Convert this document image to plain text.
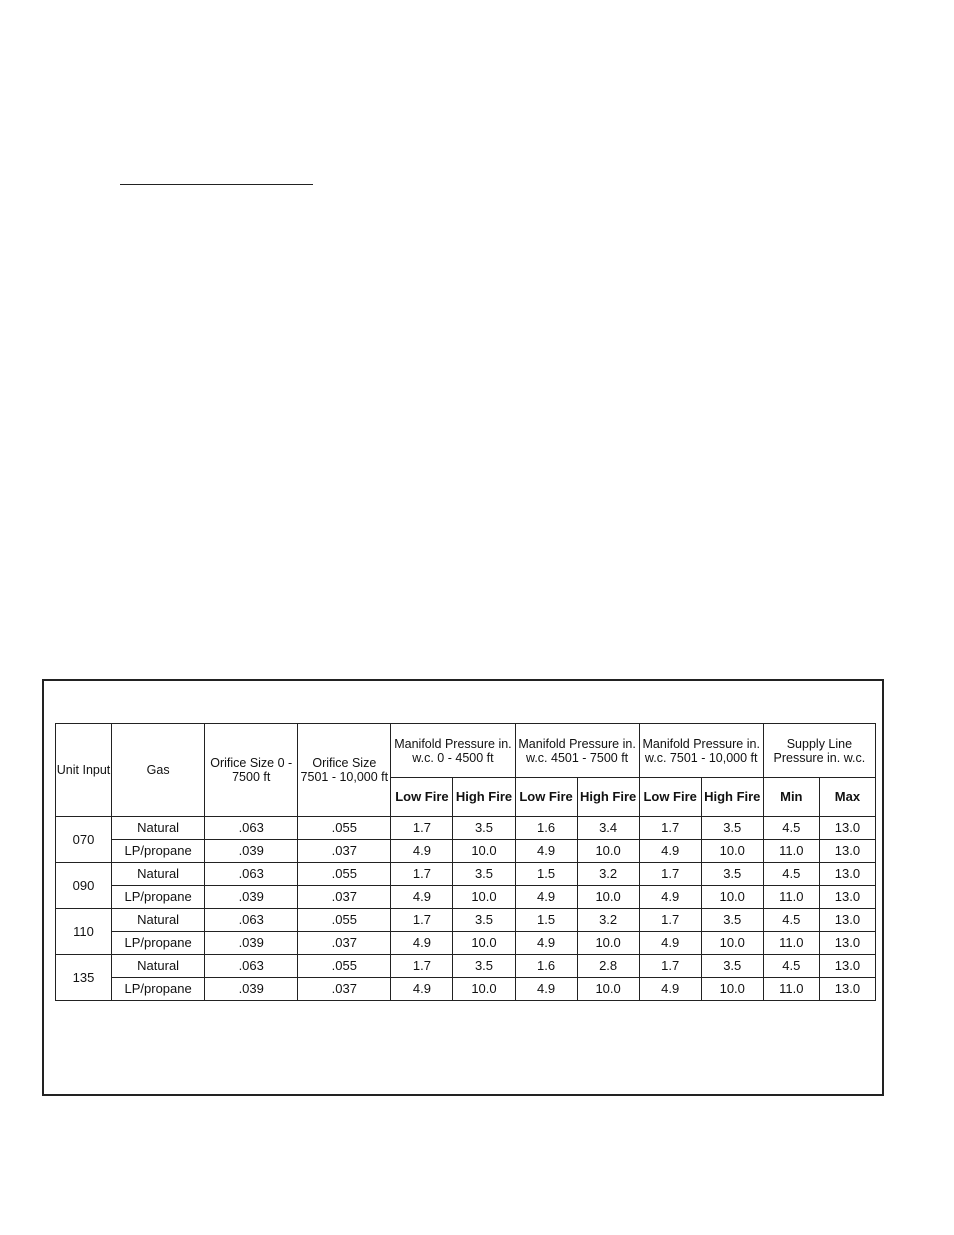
Unit Input	Gas	Orifice Size 0 - 7500 ft	Orifice Size 7501 - 10,000 ft	Manifold Pressure in. w.c. 0 - 4500 ft		Manifold Pressure in. w.c. 4501 - 7500 ft		Manifold Pressure in. w.c. 7501 - 10,000 ft		Supply Line Pressure in. w.c.	
				Low Fire	High Fire	Low Fire	High Fire	Low Fire	High Fire	Min	Max
070	Natural	.063	.055	1.7	3.5	1.6	3.4	1.7	3.5	4.5	13.0
	LP/propane	.039	.037	4.9	10.0	4.9	10.0	4.9	10.0	11.0	13.0
090	Natural	.063	.055	1.7	3.5	1.5	3.2	1.7	3.5	4.5	13.0
	LP/propane	.039	.037	4.9	10.0	4.9	10.0	4.9	10.0	11.0	13.0
110	Natural	.063	.055	1.7	3.5	1.5	3.2	1.7	3.5	4.5	13.0
	LP/propane	.039	.037	4.9	10.0	4.9	10.0	4.9	10.0	11.0	13.0
135	Natural	.063	.055	1.7	3.5	1.6	2.8	1.7	3.5	4.5	13.0
	LP/propane	.039	.037	4.9	10.0	4.9	10.0	4.9	10.0	11.0	13.0
